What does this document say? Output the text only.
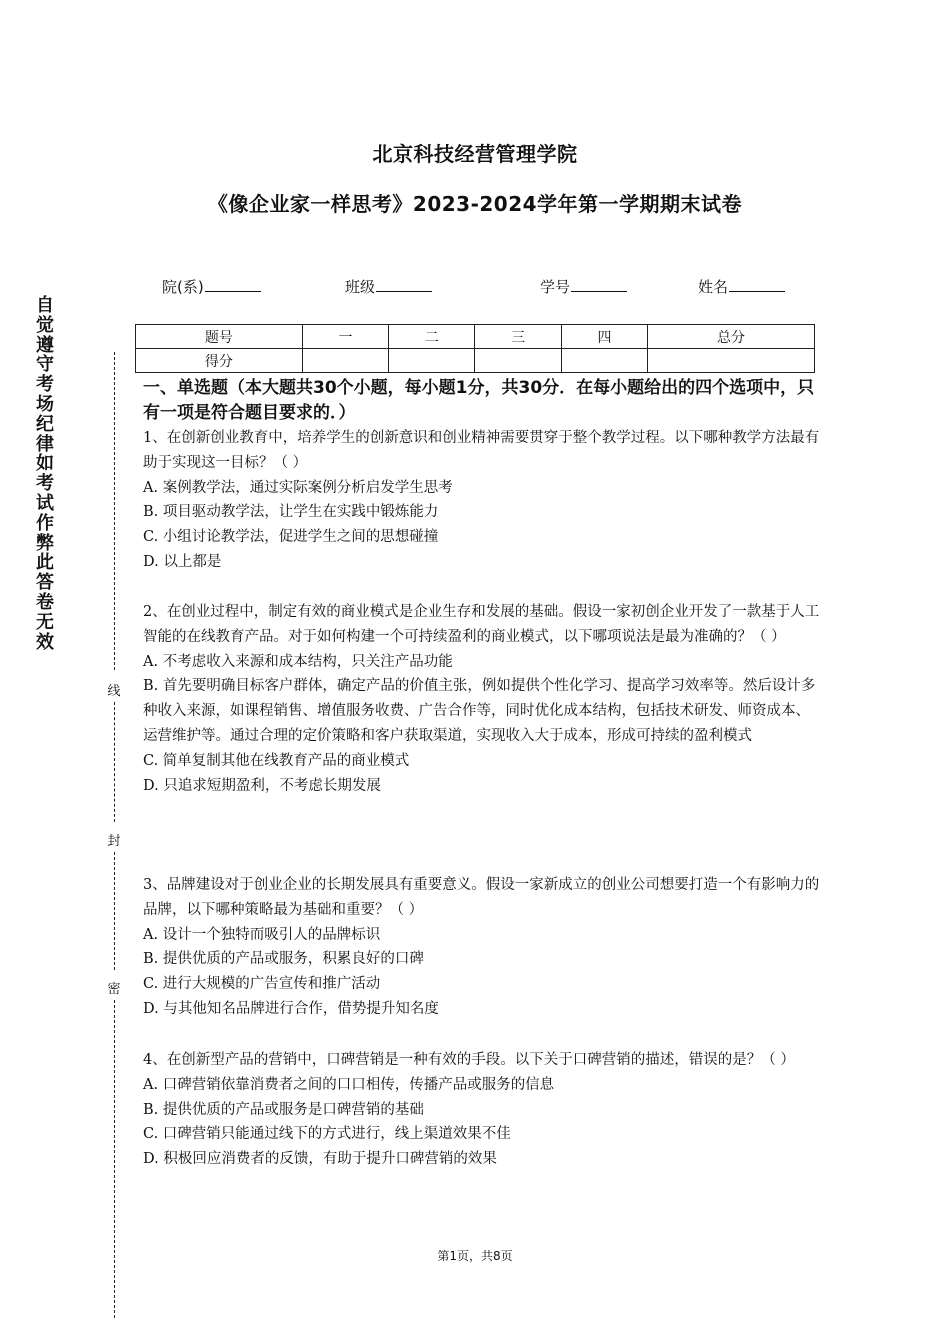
北京科技经营管理学院
《像企业家一样思考》2023-2024学年第一学期期末试卷
院(系)	班级	学号	姓名
题号	一	二	三	四	总分
得分					
自
觉
遵
守
考
场
纪
律
如
考
试
作
弊
此
答
卷
无
效
线
封
密
一、单选题（本大题共30个小题，每小题1分，共30分．在每小题给出的四个选项中，只有一项是符合题目要求的．）

1、在创新创业教育中，培养学生的创新意识和创业精神需要贯穿于整个教学过程。以下哪种教学方法最有助于实现这一目标？（ ）

A. 案例教学法，通过实际案例分析启发学生思考

B. 项目驱动教学法，让学生在实践中锻炼能力

C. 小组讨论教学法，促进学生之间的思想碰撞

D. 以上都是

2、在创业过程中，制定有效的商业模式是企业生存和发展的基础。假设一家初创企业开发了一款基于人工智能的在线教育产品。对于如何构建一个可持续盈利的商业模式，以下哪项说法是最为准确的？（ ）

A. 不考虑收入来源和成本结构，只关注产品功能

B. 首先要明确目标客户群体，确定产品的价值主张，例如提供个性化学习、提高学习效率等。然后设计多种收入来源，如课程销售、增值服务收费、广告合作等，同时优化成本结构，包括技术研发、师资成本、运营维护等。通过合理的定价策略和客户获取渠道，实现收入大于成本，形成可持续的盈利模式

C. 简单复制其他在线教育产品的商业模式

D. 只追求短期盈利，不考虑长期发展

3、品牌建设对于创业企业的长期发展具有重要意义。假设一家新成立的创业公司想要打造一个有影响力的品牌，以下哪种策略最为基础和重要？（ ）

A. 设计一个独特而吸引人的品牌标识

B. 提供优质的产品或服务，积累良好的口碑

C. 进行大规模的广告宣传和推广活动

D. 与其他知名品牌进行合作，借势提升知名度

4、在创新型产品的营销中，口碑营销是一种有效的手段。以下关于口碑营销的描述，错误的是？（ ）

A. 口碑营销依靠消费者之间的口口相传，传播产品或服务的信息

B. 提供优质的产品或服务是口碑营销的基础

C. 口碑营销只能通过线下的方式进行，线上渠道效果不佳

D. 积极回应消费者的反馈，有助于提升口碑营销的效果

第1页，共8页
